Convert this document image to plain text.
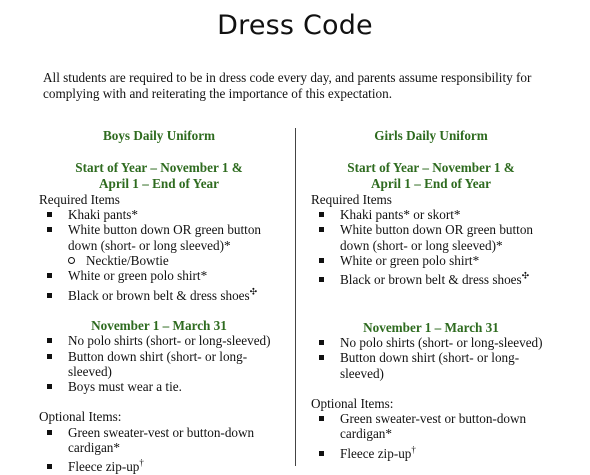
Dress Code
All students are required to be in dress code every day, and parents assume responsibility for complying with and reiterating the importance of this expectation.
Boys Daily Uniform
Start of Year – November 1 &
April 1 – End of Year
Required Items
Khaki pants*
White button down OR green button down (short- or long sleeved)*
Necktie/Bowtie
White or green polo shirt*
Black or brown belt & dress shoes✣
November 1 – March 31
No polo shirts (short- or long-sleeved)
Button down shirt (short- or long-sleeved)
Boys must wear a tie.
Optional Items:
Green sweater-vest or button-down cardigan*
Fleece zip-up†
Girls Daily Uniform
Start of Year – November 1 &
April 1 – End of Year
Required Items
Khaki pants* or skort*
White button down OR green button down (short- or long sleeved)*
White or green polo shirt*
Black or brown belt & dress shoes✣
November 1 – March 31
No polo shirts (short- or long-sleeved)
Button down shirt (short- or long-sleeved)
Optional Items:
Green sweater-vest or button-down cardigan*
Fleece zip-up†
